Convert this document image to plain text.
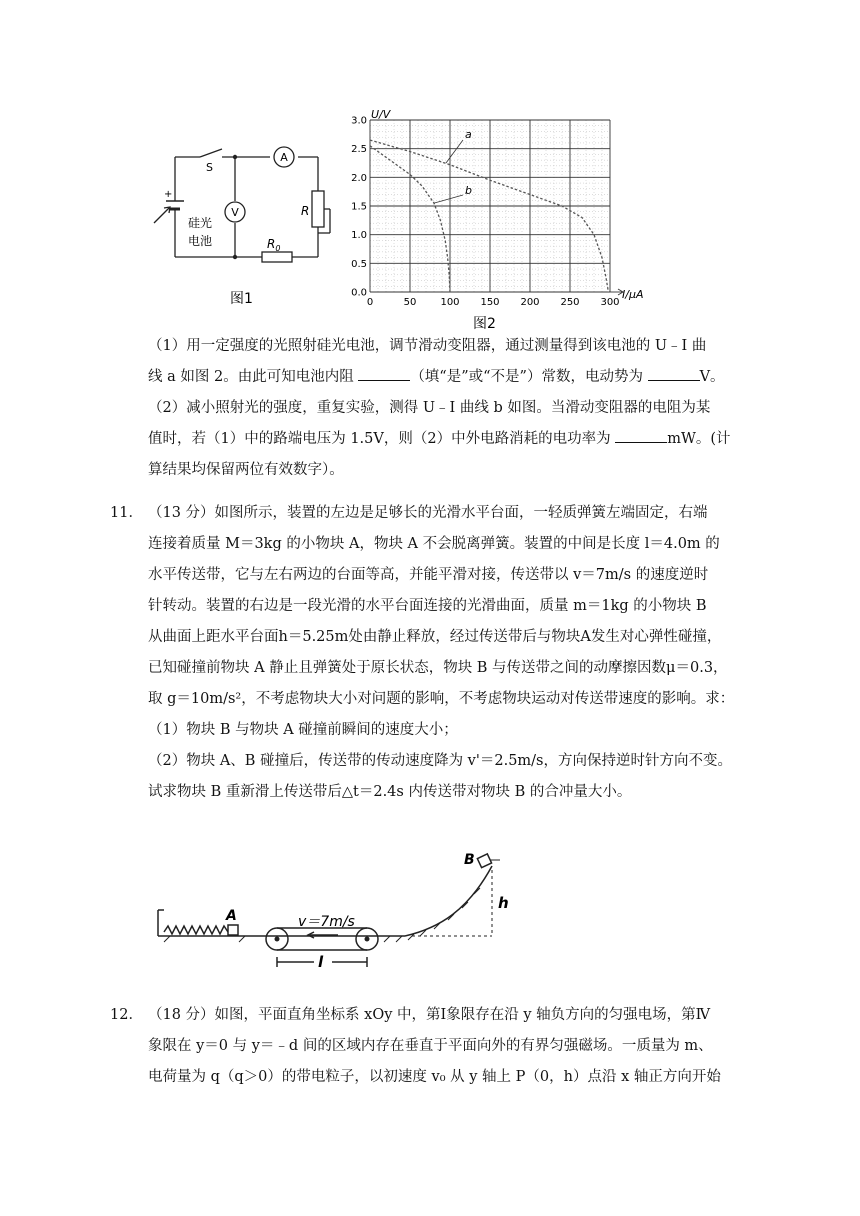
A
V
S
R
$R_0$
+
硅光
电池
图1	0	50 100 150 200 250 300
0.0
0.5
1.0
1.5
2.0
2.5
3.0 U/V
I/μA
a
b
图2
（1）用一定强度的光照射硅光电池，调节滑动变阻器，通过测量得到该电池的 U﹣I 曲
线 a 如图 2。由此可知电池内阻	（填“是”或“不是”）常数，电动势为	V。
（2）减小照射光的强度，重复实验，测得 U﹣I 曲线 b 如图。当滑动变阻器的电阻为某
值时，若（1）中的路端电压为 1.5V，则（2）中外电路消耗的电功率为	mW。(计
算结果均保留两位有效数字）。
11． （13 分）如图所示，装置的左边是足够长的光滑水平台面，一轻质弹簧左端固定，右端
连接着质量 M＝3kg 的小物块 A，物块 A 不会脱离弹簧。装置的中间是长度 l＝4.0m 的
水平传送带，它与左右两边的台面等高，并能平滑对接，传送带以 v＝7m/s 的速度逆时
针转动。装置的右边是一段光滑的水平台面连接的光滑曲面，质量 m＝1kg 的小物块 B
从曲面上距水平台面h＝5.25m处由静止释放，经过传送带后与物块A发生对心弹性碰撞，
已知碰撞前物块 A 静止且弹簧处于原长状态，物块 B 与传送带之间的动摩擦因数μ＝0.3，
取 g＝10m/s²，不考虑物块大小对问题的影响，不考虑物块运动对传送带速度的影响。求：
（1）物块 B 与物块 A 碰撞前瞬间的速度大小；
（2）物块 A、B 碰撞后，传送带的传动速度降为 v'＝2.5m/s，方向保持逆时针方向不变。
试求物块 B 重新滑上传送带后△t＝2.4s 内传送带对物块 B 的合冲量大小。
A
B
h
v＝7m/s
l
12． （18 分）如图，平面直角坐标系 xOy 中，第Ⅰ象限存在沿 y 轴负方向的匀强电场，第Ⅳ
象限在 y＝0 与 y＝﹣d 间的区域内存在垂直于平面向外的有界匀强磁场。一质量为 m、
电荷量为 q（q＞0）的带电粒子，以初速度 v₀ 从 y 轴上 P（0，h）点沿 x 轴正方向开始
